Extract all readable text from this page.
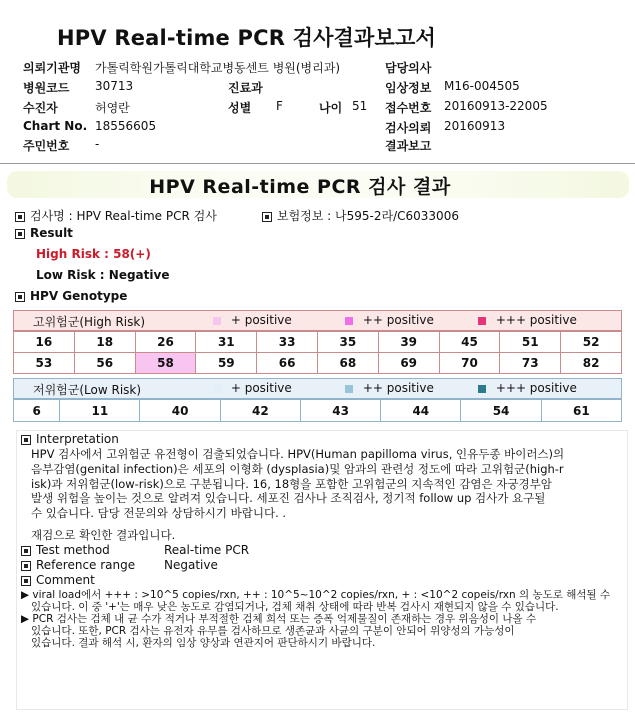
HPV Real-time PCR 검사결과보고서
의뢰기관명 가톨릭학원가톨릭대학교병동센트 병원(병리과)
병원코드 30713
수진자	허영란
Chart No. 18556605
주민번호 -
진료과
성별 F	나이 51
담당의사
임상정보 M16-004505
접수번호 20160913-22005
검사의뢰 20160913
결과보고
HPV Real-time PCR 검사 결과
검사명 : HPV Real-time PCR 검사	보험정보 : 나595-2라/C6033006
Result
High Risk : 58(+)
Low Risk : Negative
HPV Genotype
고위험군(High Risk)	+ positive	++ positive	+++ positive
16	18	26	31	33	35	39	45	51	52
53	56	58	59	66	68	69	70	73	82
저위험군(Low Risk)	+ positive	++ positive	+++ positive
6	11	40	42	43	44	54	61
Interpretation
HPV 검사에서 고위험군 유전형이 검출되었습니다. HPV(Human papilloma virus, 인유두종 바이러스)의
음부감염(genital infection)은 세포의 이형화 (dysplasia)및 암과의 관련성 정도에 따라 고위험군(high-r
isk)과 저위험군(low-risk)으로 구분됩니다. 16, 18형을 포함한 고위험군의 지속적인 감염은 자궁경부암
발생 위험을 높이는 것으로 알려져 있습니다. 세포진 검사나 조직검사, 정기적 follow up 검사가 요구될
수 있습니다. 담당 전문의와 상담하시기 바랍니다. .
재검으로 확인한 결과입니다.
Test method	Real-time PCR
Reference range Negative
Comment
▶ viral load에서 +++ : >10^5 copies/rxn, ++ : 10^5~10^2 copies/rxn, + : <10^2 copeis/rxn 의 농도로 해석될 수
있습니다. 이 중 '+'는 매우 낮은 농도로 감염되거나, 검체 채취 상태에 따라 반복 검사시 재현되지 않을 수 있습니다.
▶ PCR 검사는 검체 내 균 수가 적거나 부적절한 검체 희석 또는 증폭 억제물질이 존재하는 경우 위음성이 나올 수
있습니다. 또한, PCR 검사는 유전자 유무를 검사하므로 생존균과 사균의 구분이 안되어 위양성의 가능성이
있습니다. 결과 해석 시, 환자의 임상 양상과 연관지어 판단하시기 바랍니다.
